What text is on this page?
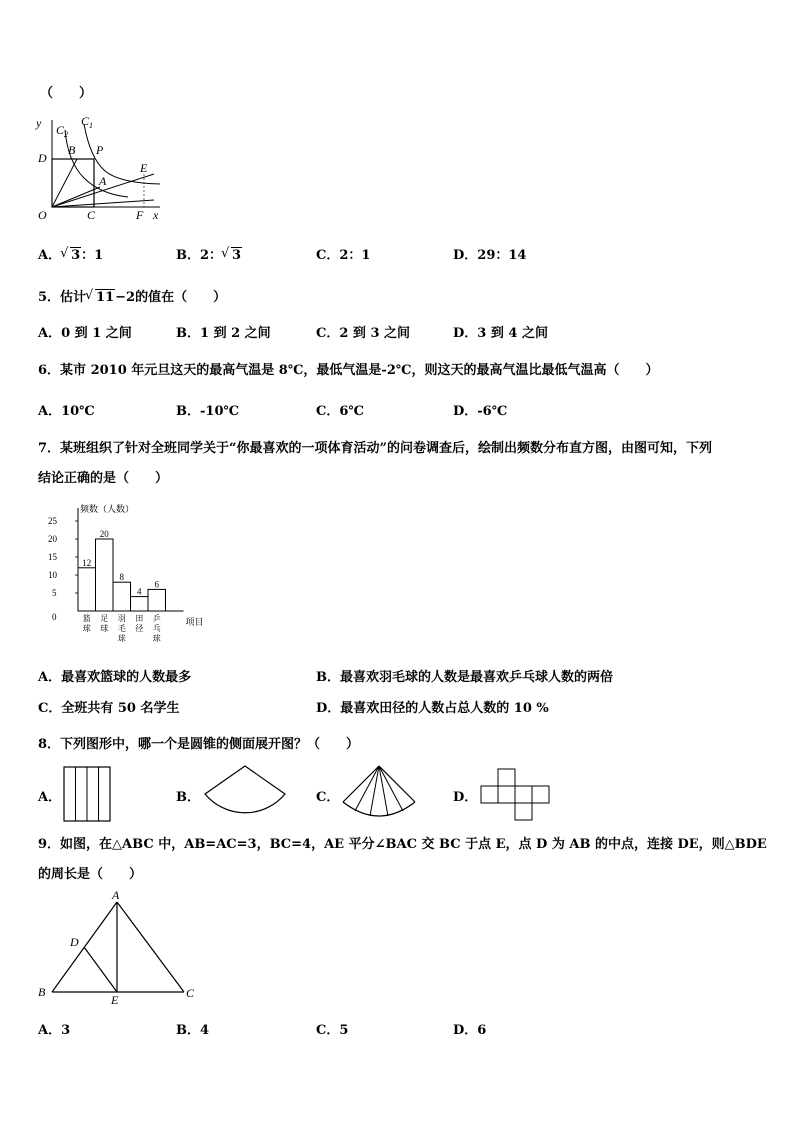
（　　）
y
x
O	C	F
D
B P
A
E
C 2
C 1
A． √ 3：1	B．2： √ 3	C．2：1	D．29：14
5．估计 √ 11−2的值在（　　）
A．0 到 1 之间	B．1 到 2 之间	C．2 到 3 之间	D．3 到 4 之间
6．某市 2010 年元旦这天的最高气温是 8℃，最低气温是-2℃，则这天的最高气温比最低气温高（　　）
A．10℃	B．-10℃	C．6℃	D．-6℃
7．某班组织了针对全班同学关于“你最喜欢的一项体育活动”的问卷调查后，绘制出频数分布直方图，由图可知，下列
结论正确的是（　　）
频数（人数）
项目
0
5
10
15
20
25
12
篮
球
20
足
球
8
羽
毛
球
4
田
径
6
乒
乓
球
A．最喜欢篮球的人数最多	B．最喜欢羽毛球的人数是最喜欢乒乓球人数的两倍
C．全班共有 50 名学生	D．最喜欢田径的人数占总人数的 10 %
8．下列图形中，哪一个是圆锥的侧面展开图？（　　）
A．	B．	C．	D．
9．如图，在△ABC 中，AB=AC=3，BC=4，AE 平分∠BAC 交 BC 于点 E，点 D 为 AB 的中点，连接 DE，则△BDE
的周长是（　　）
A
B	C
D
E
A．3	B．4	C．5	D．6
